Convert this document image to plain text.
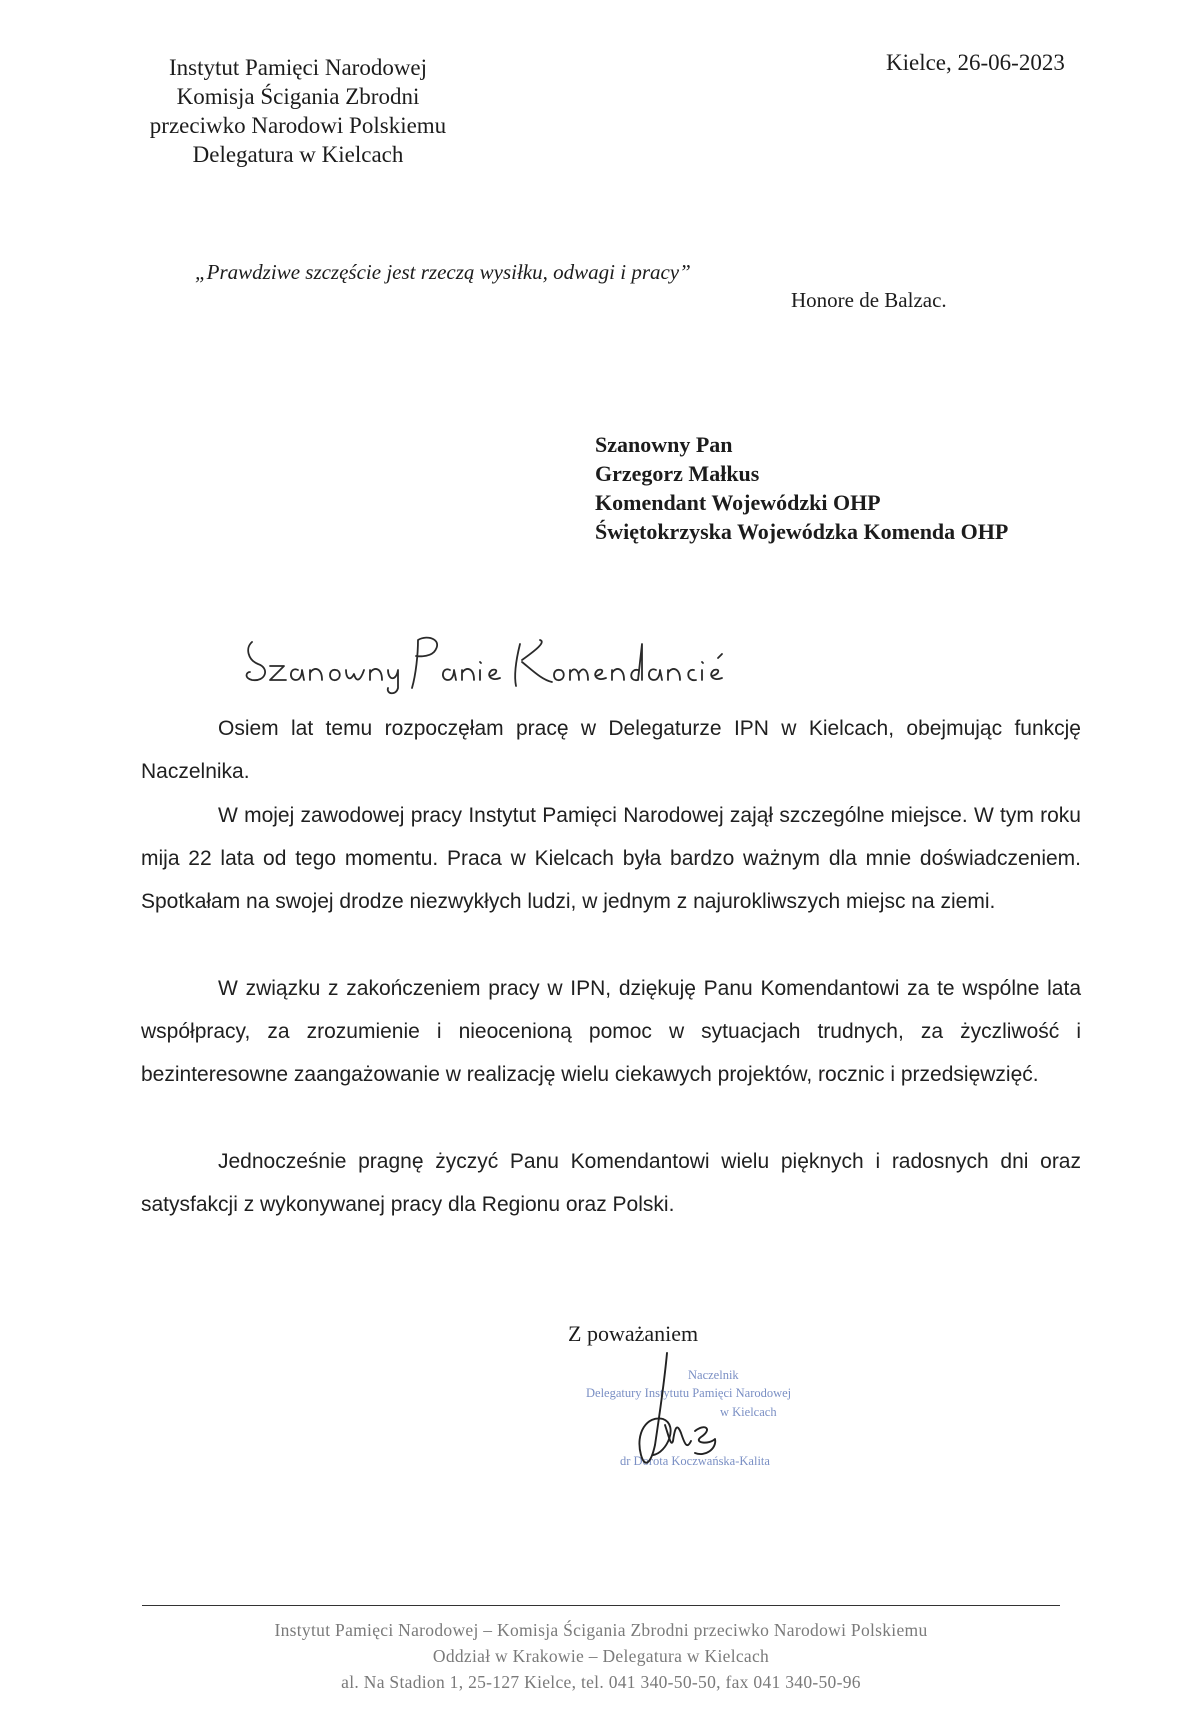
Instytut Pamięci Narodowej
Komisja Ścigania Zbrodni
przeciwko Narodowi Polskiemu
Delegatura w Kielcach
Kielce, 26-06-2023
„Prawdziwe szczęście jest rzeczą wysiłku, odwagi i pracy”
Honore de Balzac.
Szanowny Pan
Grzegorz Małkus
Komendant Wojewódzki OHP
Świętokrzyska Wojewódzka Komenda OHP

Osiem lat temu rozpoczęłam pracę w Delegaturze IPN w Kielcach, obejmując funkcję Naczelnika.

W mojej zawodowej pracy Instytut Pamięci Narodowej zajął szczególne miejsce. W tym roku mija 22 lata od tego momentu. Praca w Kielcach była bardzo ważnym dla mnie doświadczeniem. Spotkałam na swojej drodze niezwykłych ludzi, w jednym z najurokliwszych miejsc na ziemi.

W związku z zakończeniem pracy w IPN, dziękuję Panu Komendantowi za te wspólne lata współpracy, za zrozumienie i nieocenioną pomoc w sytuacjach trudnych, za życzliwość i bezinteresowne zaangażowanie w realizację wielu ciekawych projektów, rocznic i przedsięwzięć.

Jednocześnie pragnę życzyć Panu Komendantowi wielu pięknych i radosnych dni oraz satysfakcji z wykonywanej pracy dla Regionu oraz Polski.

Z poważaniem
Naczelnik
Delegatury Instytutu Pamięci Narodowej
w Kielcach
dr Dorota Koczwańska-Kalita
Instytut Pamięci Narodowej – Komisja Ścigania Zbrodni przeciwko Narodowi Polskiemu
Oddział w Krakowie – Delegatura w Kielcach
al. Na Stadion 1, 25-127 Kielce, tel. 041 340-50-50, fax 041 340-50-96
